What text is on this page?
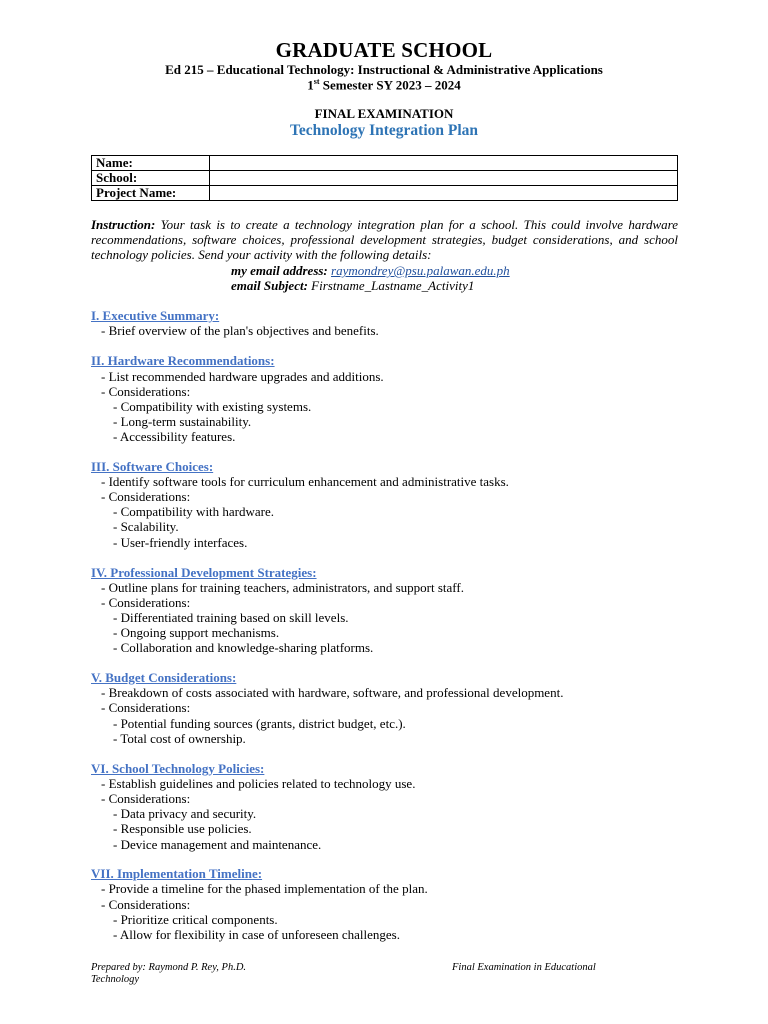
GRADUATE SCHOOL
Ed 215 – Educational Technology: Instructional & Administrative Applications
1st Semester SY 2023 – 2024
FINAL EXAMINATION
Technology Integration Plan
Name:	
School:	
Project Name:	
Instruction: Your task is to create a technology integration plan for a school. This could involve hardware recommendations, software choices, professional development strategies, budget considerations, and school technology policies. Send your activity with the following details:
my email address: raymondrey@psu.palawan.edu.ph
email Subject: Firstname_Lastname_Activity1
I. Executive Summary:
- Brief overview of the plan's objectives and benefits.
II. Hardware Recommendations:
- List recommended hardware upgrades and additions.
- Considerations:
- Compatibility with existing systems.
- Long-term sustainability.
- Accessibility features.
III. Software Choices:
- Identify software tools for curriculum enhancement and administrative tasks.
- Considerations:
- Compatibility with hardware.
- Scalability.
- User-friendly interfaces.
IV. Professional Development Strategies:
- Outline plans for training teachers, administrators, and support staff.
- Considerations:
- Differentiated training based on skill levels.
- Ongoing support mechanisms.
- Collaboration and knowledge-sharing platforms.
V. Budget Considerations:
- Breakdown of costs associated with hardware, software, and professional development.
- Considerations:
- Potential funding sources (grants, district budget, etc.).
- Total cost of ownership.
VI. School Technology Policies:
- Establish guidelines and policies related to technology use.
- Considerations:
- Data privacy and security.
- Responsible use policies.
- Device management and maintenance.
VII. Implementation Timeline:
- Provide a timeline for the phased implementation of the plan.
- Considerations:
- Prioritize critical components.
- Allow for flexibility in case of unforeseen challenges.
Prepared by: Raymond P. Rey, Ph.D.	Final Examination in Educational
Technology
